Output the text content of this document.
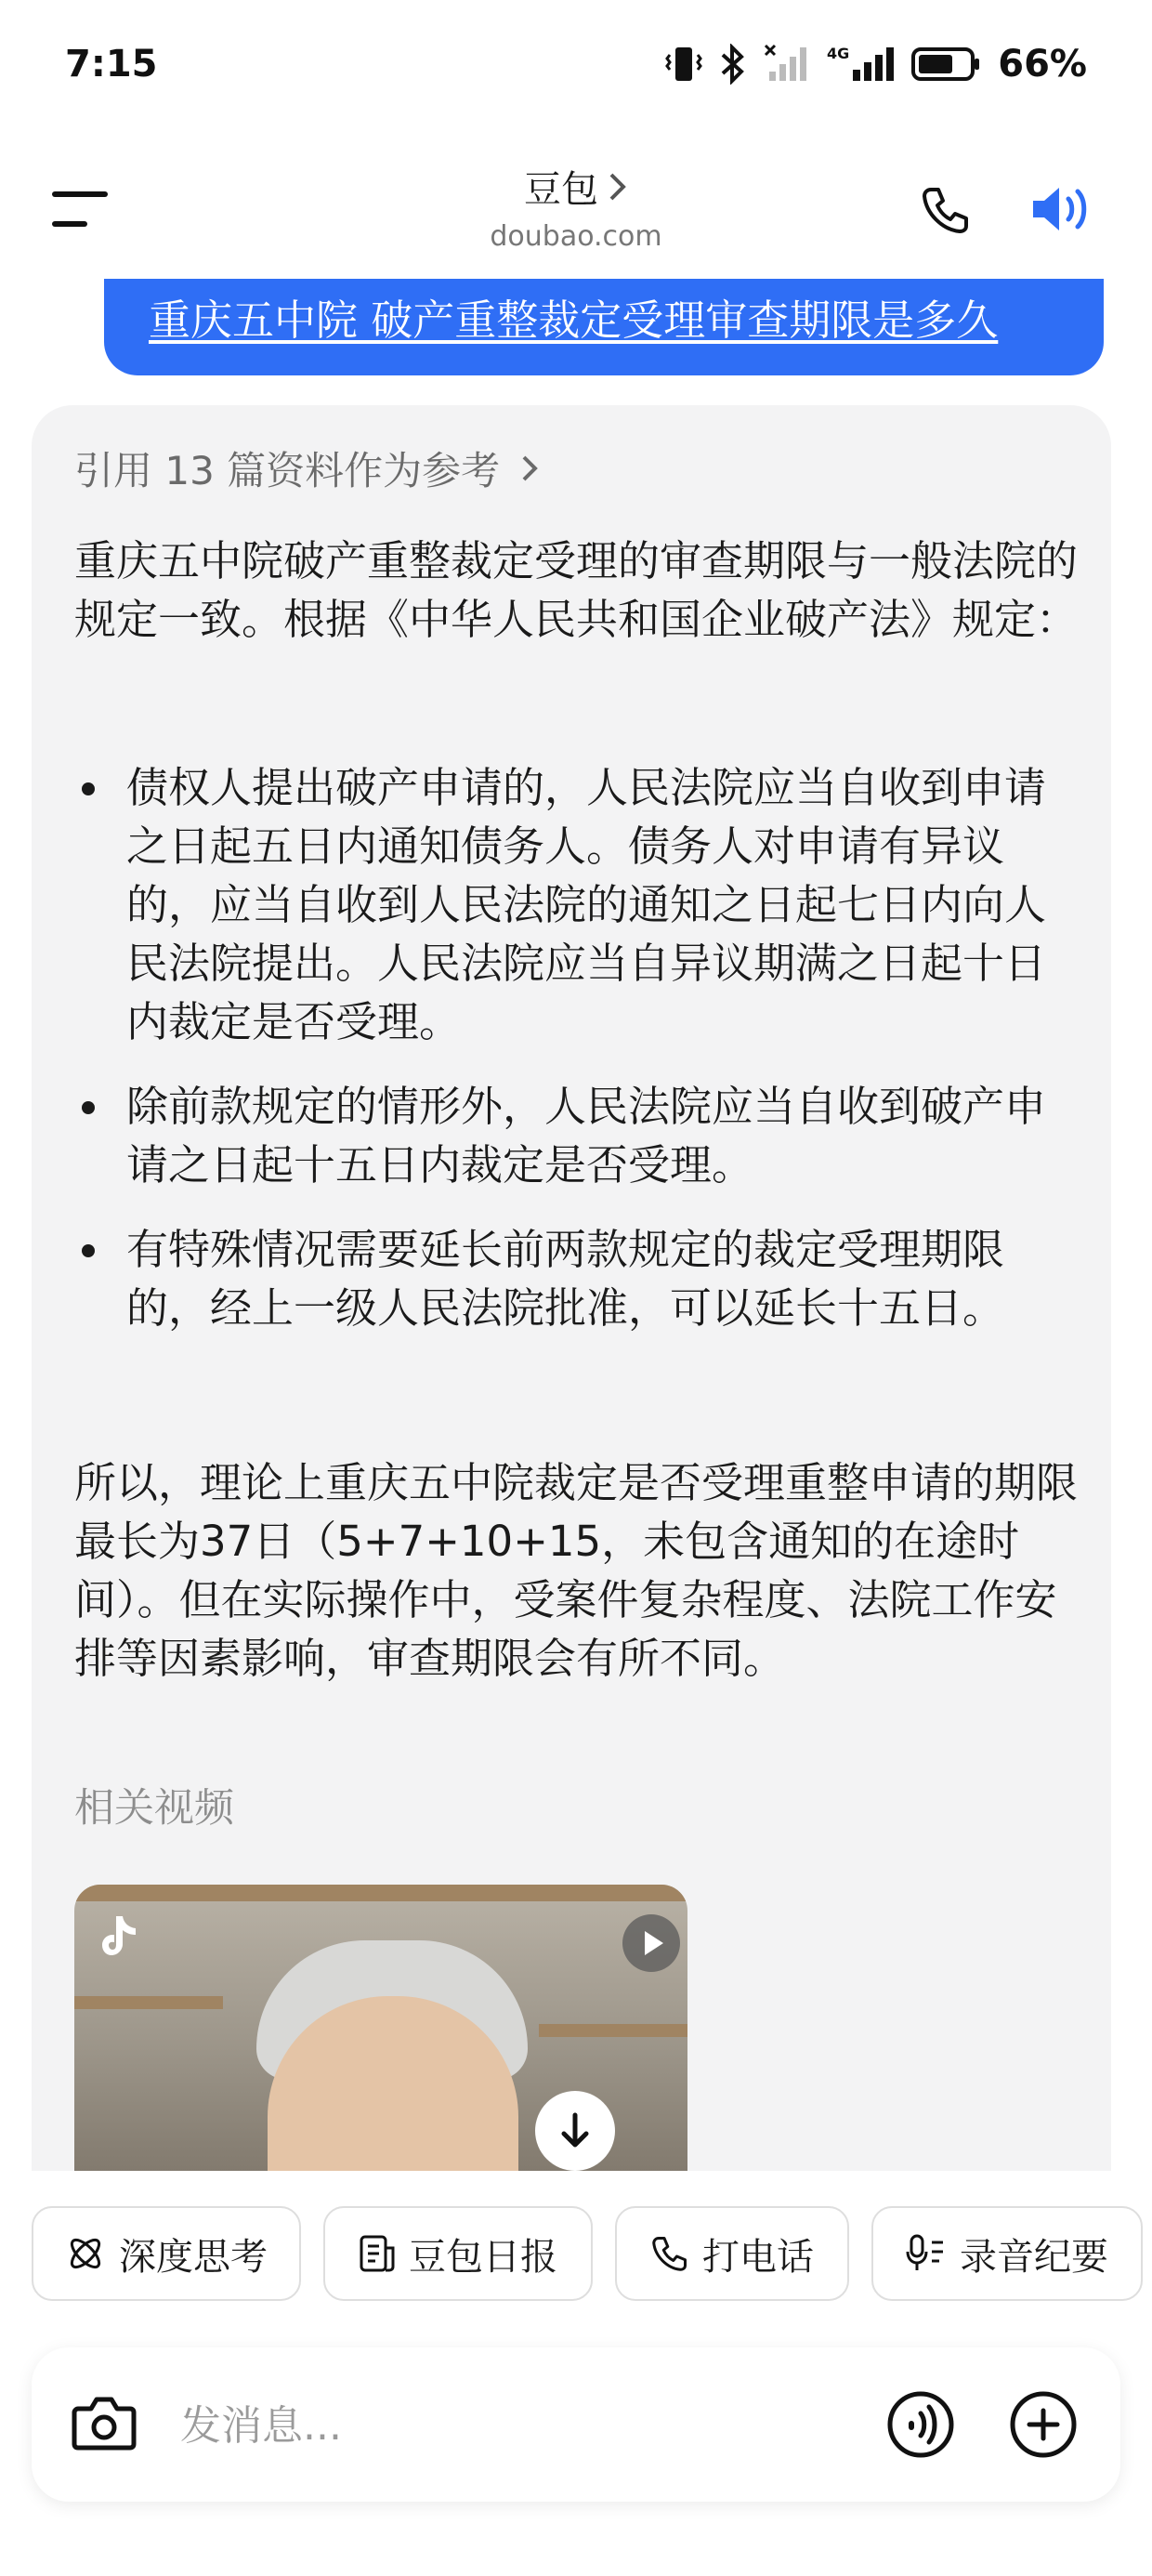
7:15	4G	66%
豆包
doubao.com
重庆五中院 破产重整裁定受理审查期限是多久
引用 13 篇资料作为参考

重庆五中院破产重整裁定受理的审查期限与一般法院的规定一致。根据《中华人民共和国企业破产法》规定：

债权人提出破产申请的，人民法院应当自收到申请之日起五日内通知债务人。债务人对申请有异议的，应当自收到人民法院的通知之日起七日内向人民法院提出。人民法院应当自异议期满之日起十日内裁定是否受理。
除前款规定的情形外，人民法院应当自收到破产申请之日起十五日内裁定是否受理。
有特殊情况需要延长前两款规定的裁定受理期限的，经上一级人民法院批准，可以延长十五日。

所以，理论上重庆五中院裁定是否受理重整申请的期限最长为37日（5+7+10+15，未包含通知的在途时间）。但在实际操作中，受案件复杂程度、法院工作安排等因素影响，审查期限会有所不同。

相关视频
深度思考	豆包日报	打电话	录音纪要
发消息...
